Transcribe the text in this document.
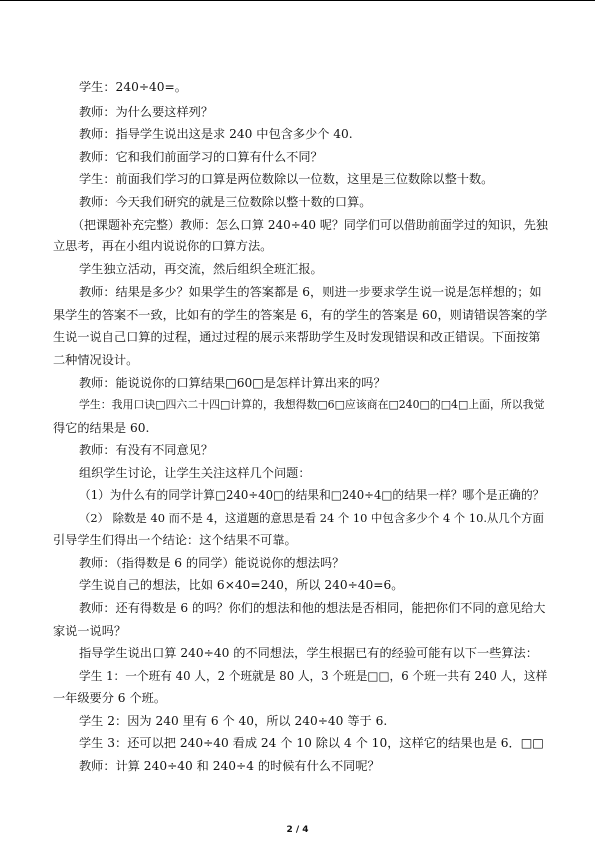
学生：240÷40=。

教师：为什么要这样列？

教师：指导学生说出这是求 240 中包含多少个 40.

教师：它和我们前面学习的口算有什么不同？

学生：前面我们学习的口算是两位数除以一位数，这里是三位数除以整十数。

教师：今天我们研究的就是三位数除以整十数的口算。

（把课题补充完整）教师：怎么口算 240÷40 呢？同学们可以借助前面学过的知识，先独

立思考，再在小组内说说你的口算方法。

学生独立活动，再交流，然后组织全班汇报。

教师：结果是多少？如果学生的答案都是 6，则进一步要求学生说一说是怎样想的；如

果学生的答案不一致，比如有的学生的答案是 6，有的学生的答案是 60，则请错误答案的学

生说一说自己口算的过程，通过过程的展示来帮助学生及时发现错误和改正错误。下面按第

二种情况设计。

教师：能说说你的口算结果□60□是怎样计算出来的吗？

学生：我用口诀□四六二十四□计算的，我想得数□6□应该商在□240□的□4□上面，所以我觉

得它的结果是 60.

教师：有没有不同意见？

组织学生讨论，让学生关注这样几个问题：

（1）为什么有的同学计算□240÷40□的结果和□240÷4□的结果一样？哪个是正确的？

（2） 除数是 40 而不是 4，这道题的意思是看 24 个 10 中包含多少个 4 个 10.从几个方面

引导学生们得出一个结论：这个结果不可靠。

教师：（指得数是 6 的同学）能说说你的想法吗？

学生说自己的想法，比如 6×40=240，所以 240÷40=6。

教师：还有得数是 6 的吗？你们的想法和他的想法是否相同，能把你们不同的意见给大

家说一说吗？

指导学生说出口算 240÷40 的不同想法，学生根据已有的经验可能有以下一些算法：

学生 1：一个班有 40 人，2 个班就是 80 人，3 个班是□□，6 个班一共有 240 人，这样

一年级要分 6 个班。

学生 2：因为 240 里有 6 个 40，所以 240÷40 等于 6.

学生 3：还可以把 240÷40 看成 24 个 10 除以 4 个 10，这样它的结果也是 6．□□

教师：计算 240÷40 和 240÷4 的时候有什么不同呢？

2 / 4
